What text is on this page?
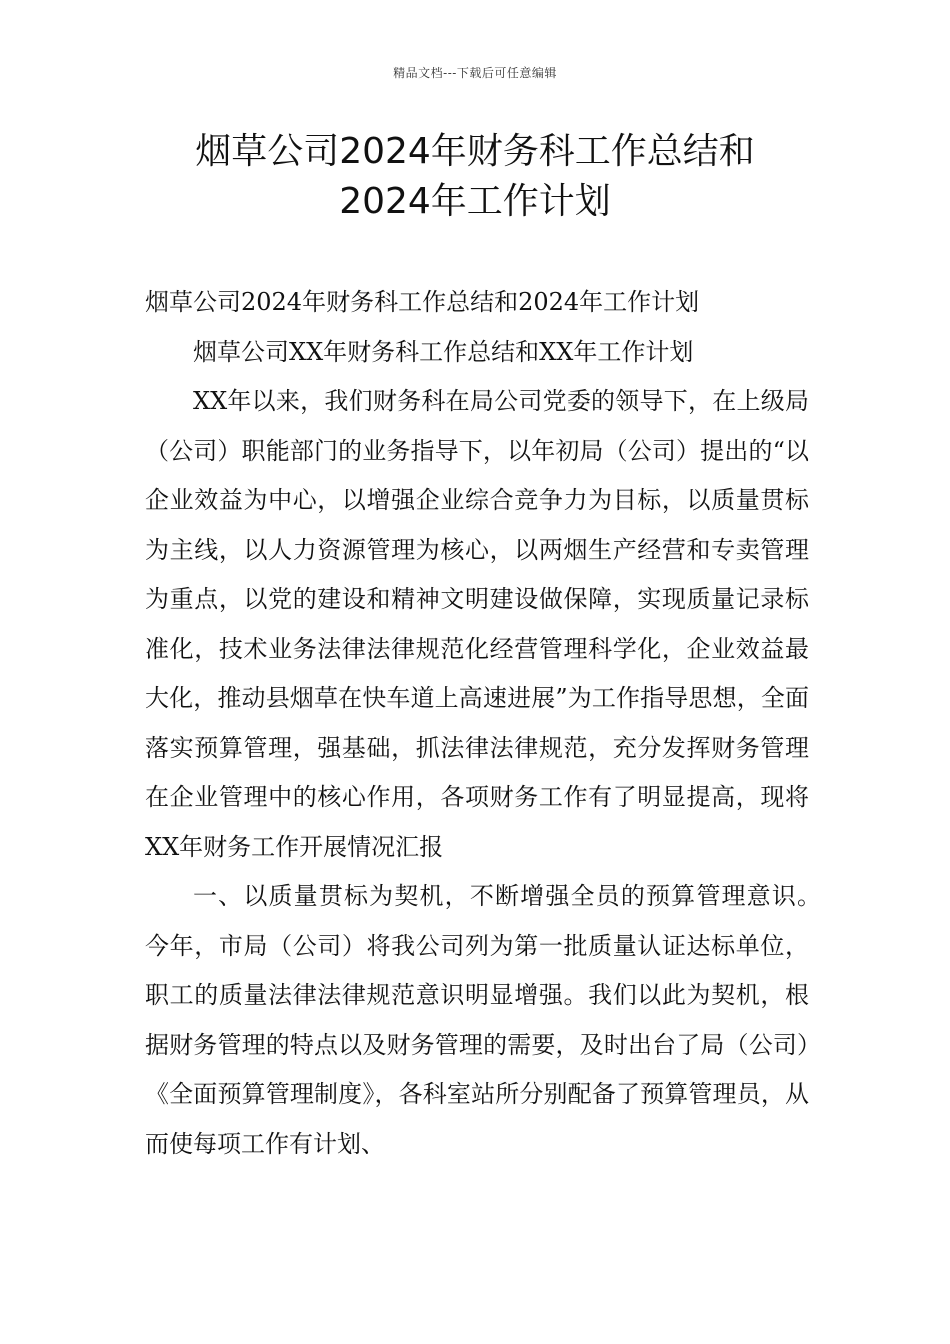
精品文档---下载后可任意编辑
烟草公司2024年财务科工作总结和
2024年工作计划

烟草公司2024年财务科工作总结和2024年工作计划

烟草公司XX年财务科工作总结和XX年工作计划

XX年以来，我们财务科在局公司党委的领导下，在上级局（公司）职能部门的业务指导下，以年初局（公司）提出的“以企业效益为中心，以增强企业综合竞争力为目标，以质量贯标为主线，以人力资源管理为核心，以两烟生产经营和专卖管理为重点，以党的建设和精神文明建设做保障，实现质量记录标准化，技术业务法律法律规范化经营管理科学化，企业效益最大化，推动县烟草在快车道上高速进展”为工作指导思想，全面落实预算管理，强基础，抓法律法律规范，充分发挥财务管理在企业管理中的核心作用，各项财务工作有了明显提高，现将XX年财务工作开展情况汇报

一、以质量贯标为契机，不断增强全员的预算管理意识。　　　今年，市局（公司）将我公司列为第一批质量认证达标单位，职工的质量法律法律规范意识明显增强。我们以此为契机，根据财务管理的特点以及财务管理的需要，及时出台了局（公司）《全面预算管理制度》，各科室站所分别配备了预算管理员，从而使每项工作有计划、
